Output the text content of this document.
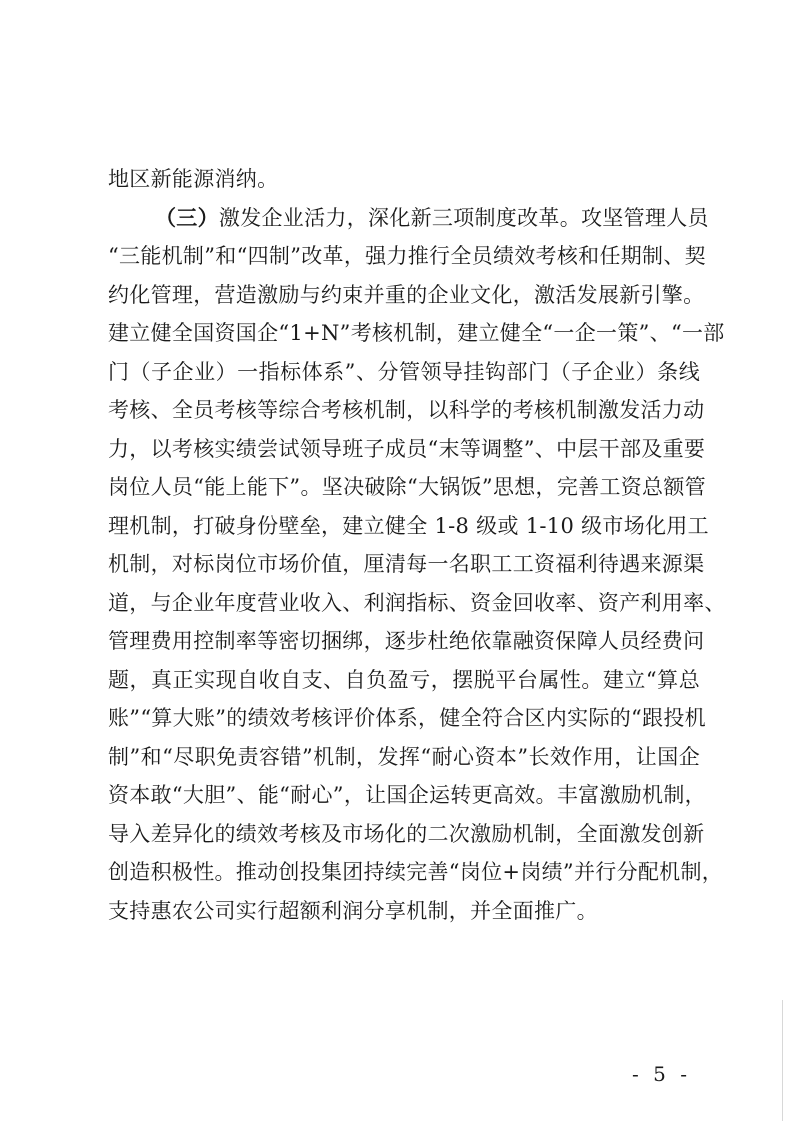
地区新能源消纳。
（三）激发企业活力，深化新三项制度改革。攻坚管理人员
“三能机制”和“四制”改革，强力推行全员绩效考核和任期制、契
约化管理，营造激励与约束并重的企业文化，激活发展新引擎。
建立健全国资国企“1+N”考核机制，建立健全“一企一策”、“一部
门（子企业）一指标体系”、分管领导挂钩部门（子企业）条线
考核、全员考核等综合考核机制，以科学的考核机制激发活力动
力，以考核实绩尝试领导班子成员“末等调整”、中层干部及重要
岗位人员“能上能下”。坚决破除“大锅饭”思想，完善工资总额管
理机制，打破身份壁垒，建立健全 1-8 级或 1-10 级市场化用工
机制，对标岗位市场价值，厘清每一名职工工资福利待遇来源渠
道，与企业年度营业收入、利润指标、资金回收率、资产利用率、
管理费用控制率等密切捆绑，逐步杜绝依靠融资保障人员经费问
题，真正实现自收自支、自负盈亏，摆脱平台属性。建立“算总
账”“算大账”的绩效考核评价体系，健全符合区内实际的“跟投机
制”和“尽职免责容错”机制，发挥“耐心资本”长效作用，让国企
资本敢“大胆”、能“耐心”，让国企运转更高效。丰富激励机制，
导入差异化的绩效考核及市场化的二次激励机制，全面激发创新
创造积极性。推动创投集团持续完善“岗位+岗绩”并行分配机制，
支持惠农公司实行超额利润分享机制，并全面推广。
- 5 -
